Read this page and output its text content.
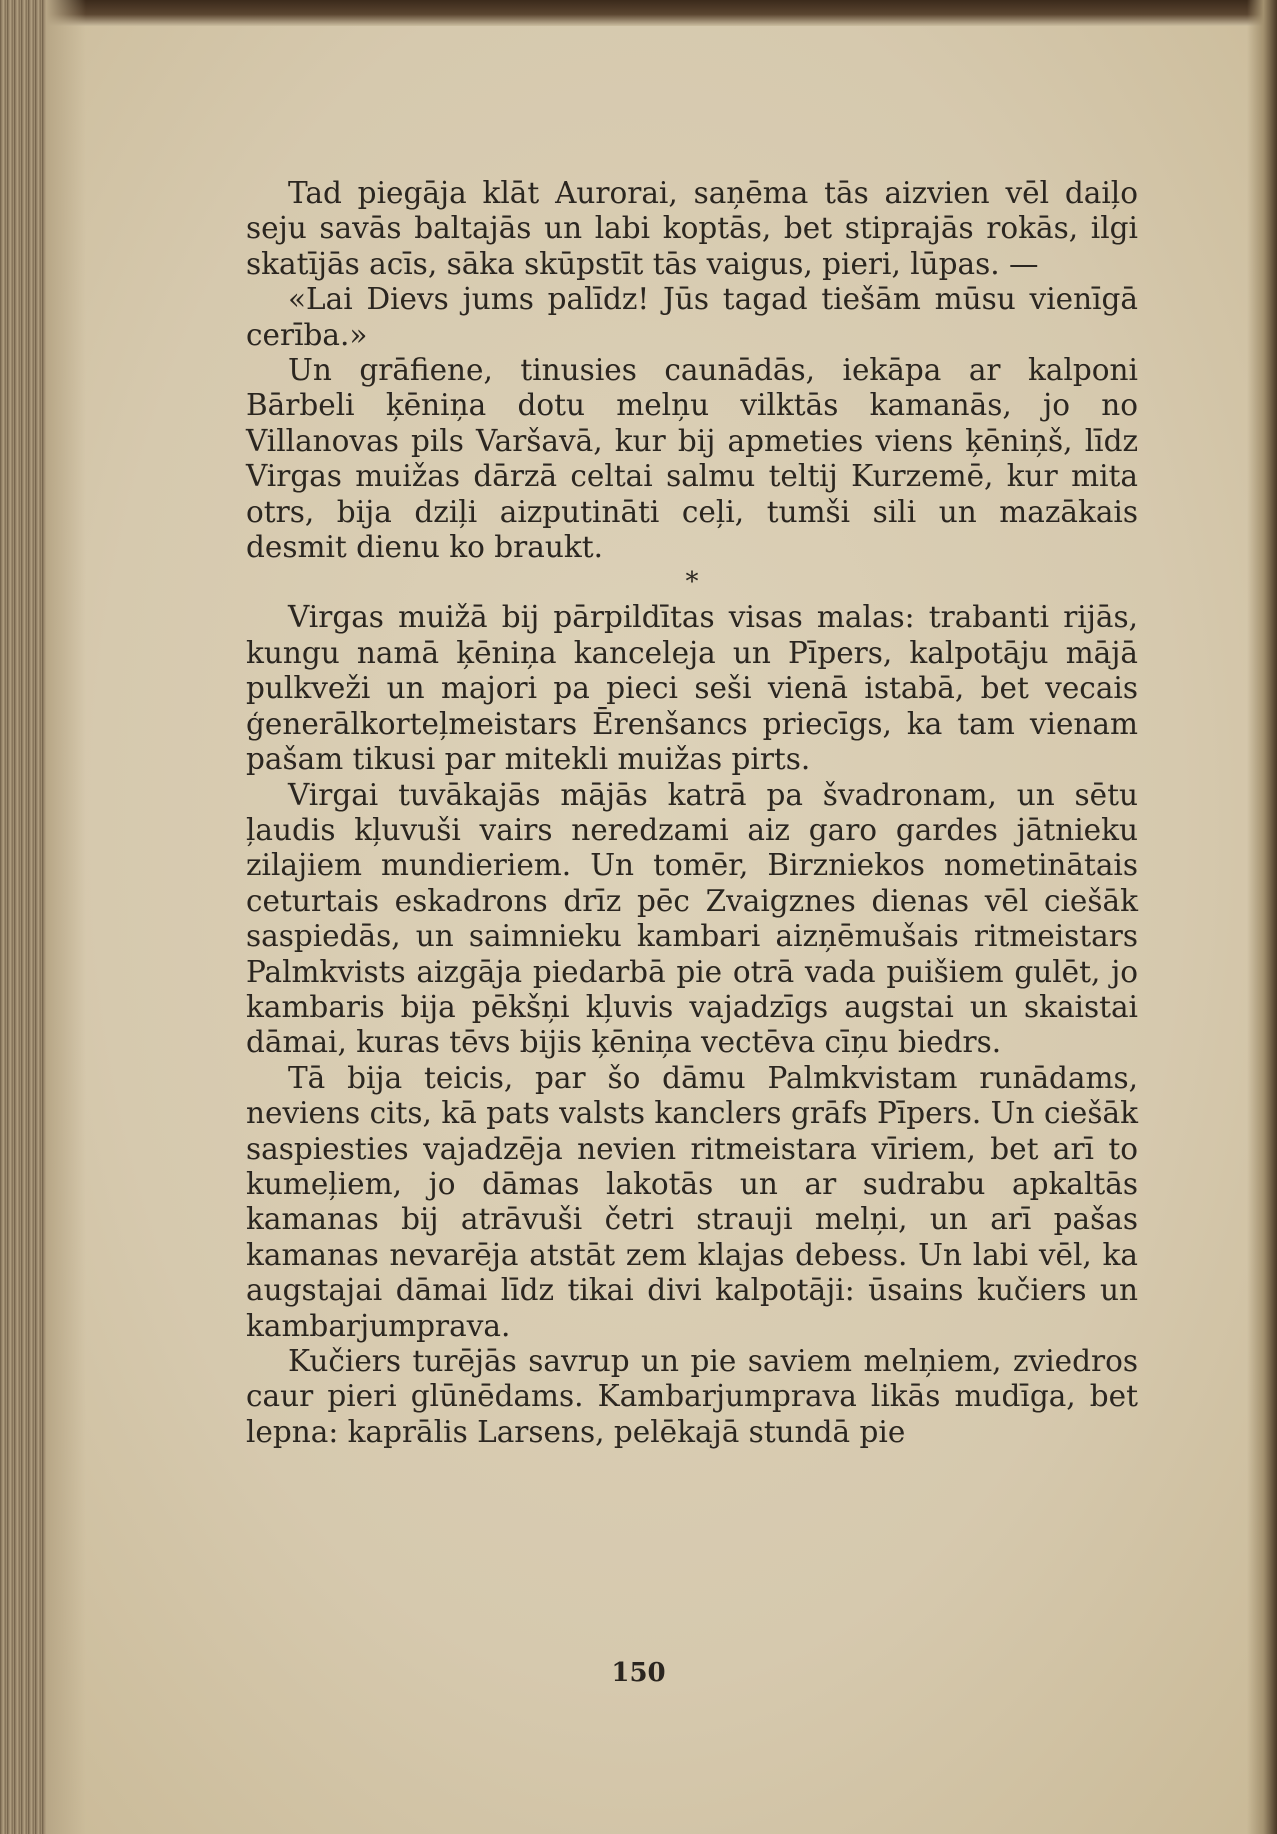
Tad piegāja klāt Aurorai, saņēma tās aizvien vēl daiļo seju savās baltajās un labi koptās, bet stiprajās rokās, ilgi skatījās acīs, sāka skūpstīt tās vaigus, pieri, lūpas. —

«Lai Dievs jums palīdz! Jūs tagad tiešām mūsu vienīgā cerība.»

Un grāfiene, tinusies caunādās, iekāpa ar kalponi Bārbeli ķēniņa dotu melņu vilktās kamanās, jo no Villanovas pils Varšavā, kur bij apmeties viens ķēniņš, līdz Virgas muižas dārzā celtai salmu teltij Kurzemē, kur mita otrs, bija dziļi aizputināti ceļi, tumši sili un mazākais desmit dienu ko braukt.

*

Virgas muižā bij pārpildītas visas malas: trabanti rijās, kungu namā ķēniņa kanceleja un Pīpers, kalpotāju mājā pulkveži un majori pa pieci seši vienā istabā, bet vecais ģenerālkorteļmeistars Ērenšancs priecīgs, ka tam vienam pašam tikusi par mitekli muižas pirts.

Virgai tuvākajās mājās katrā pa švadronam, un sētu ļaudis kļuvuši vairs neredzami aiz garo gardes jātnieku zilajiem mundieriem. Un tomēr, Birzniekos nometinātais ceturtais eskadrons drīz pēc Zvaigznes dienas vēl ciešāk saspiedās, un saimnieku kambari aizņēmušais ritmeistars Palmkvists aizgāja piedarbā pie otrā vada puišiem gulēt, jo kambaris bija pēkšņi kļuvis vajadzīgs augstai un skaistai dāmai, kuras tēvs bijis ķēniņa vectēva cīņu biedrs.

Tā bija teicis, par šo dāmu Palmkvistam runādams, neviens cits, kā pats valsts kanclers grāfs Pīpers. Un ciešāk saspiesties vajadzēja nevien ritmeistara vīriem, bet arī to kumeļiem, jo dāmas lakotās un ar sudrabu apkaltās kamanas bij atrāvuši četri strauji melņi, un arī pašas kamanas nevarēja atstāt zem klajas debess. Un labi vēl, ka augstajai dāmai līdz tikai divi kalpotāji: ūsains kučiers un kambarjumprava.

Kučiers turējās savrup un pie saviem melņiem, zviedros caur pieri glūnēdams. Kambarjumprava likās mudīga, bet lepna: kaprālis Larsens, pelēkajā stundā pie

150
